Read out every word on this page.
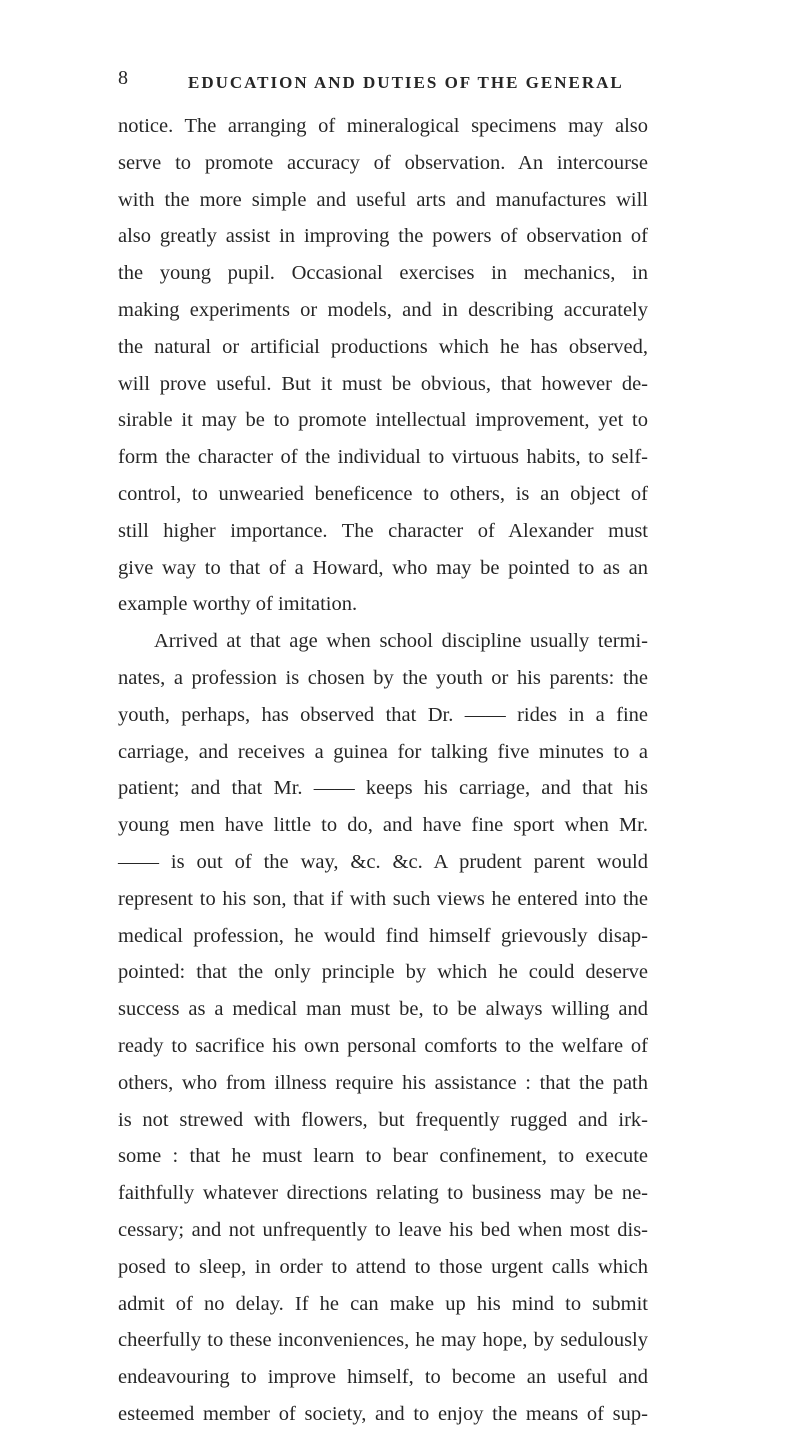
8	EDUCATION AND DUTIES OF THE GENERAL
notice. The arranging of mineralogical specimens may also
serve to promote accuracy of observation. An intercourse
with the more simple and useful arts and manufactures will
also greatly assist in improving the powers of observation of
the young pupil. Occasional exercises in mechanics, in
making experiments or models, and in describing accurately
the natural or artificial productions which he has observed,
will prove useful. But it must be obvious, that however de-
sirable it may be to promote intellectual improvement, yet to
form the character of the individual to virtuous habits, to self-
control, to unwearied beneficence to others, is an object of
still higher importance. The character of Alexander must
give way to that of a Howard, who may be pointed to as an
example worthy of imitation.
Arrived at that age when school discipline usually termi-
nates, a profession is chosen by the youth or his parents: the
youth, perhaps, has observed that Dr. —— rides in a fine
carriage, and receives a guinea for talking five minutes to a
patient; and that Mr. —— keeps his carriage, and that his
young men have little to do, and have fine sport when Mr.
—— is out of the way, &c. &c. A prudent parent would
represent to his son, that if with such views he entered into the
medical profession, he would find himself grievously disap-
pointed: that the only principle by which he could deserve
success as a medical man must be, to be always willing and
ready to sacrifice his own personal comforts to the welfare of
others, who from illness require his assistance : that the path
is not strewed with flowers, but frequently rugged and irk-
some : that he must learn to bear confinement, to execute
faithfully whatever directions relating to business may be ne-
cessary; and not unfrequently to leave his bed when most dis-
posed to sleep, in order to attend to those urgent calls which
admit of no delay. If he can make up his mind to submit
cheerfully to these inconveniences, he may hope, by sedulously
endeavouring to improve himself, to become an useful and
esteemed member of society, and to enjoy the means of sup-
